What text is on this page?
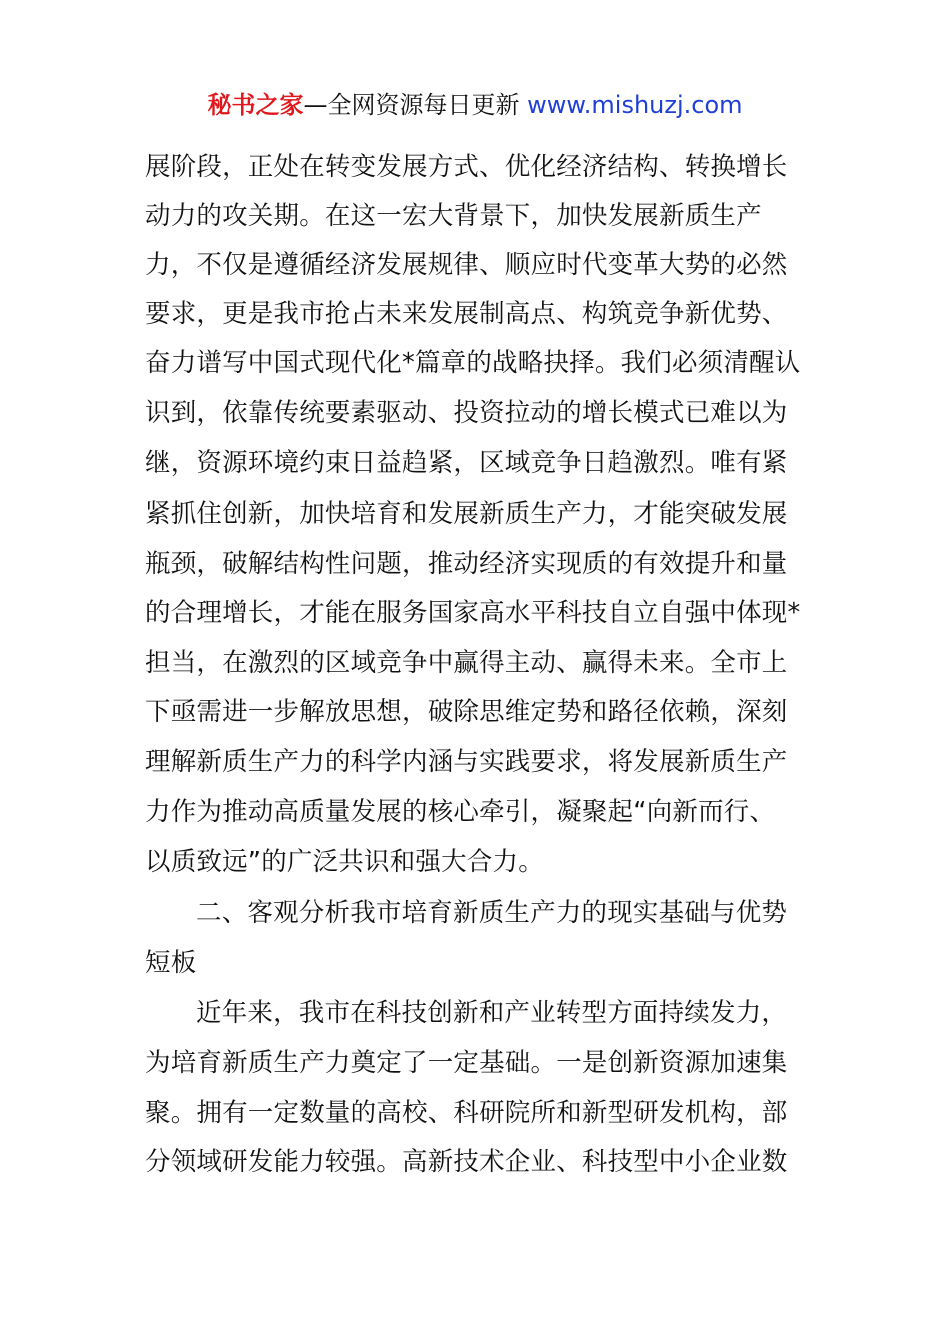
秘书之家—全网资源每日更新 www.mishuzj.com
展阶段，正处在转变发展方式、优化经济结构、转换增长
动力的攻关期。在这一宏大背景下，加快发展新质生产
力，不仅是遵循经济发展规律、顺应时代变革大势的必然
要求，更是我市抢占未来发展制高点、构筑竞争新优势、
奋力谱写中国式现代化*篇章的战略抉择。我们必须清醒认
识到，依靠传统要素驱动、投资拉动的增长模式已难以为
继，资源环境约束日益趋紧，区域竞争日趋激烈。唯有紧
紧抓住创新，加快培育和发展新质生产力，才能突破发展
瓶颈，破解结构性问题，推动经济实现质的有效提升和量
的合理增长，才能在服务国家高水平科技自立自强中体现*
担当，在激烈的区域竞争中赢得主动、赢得未来。全市上
下亟需进一步解放思想，破除思维定势和路径依赖，深刻
理解新质生产力的科学内涵与实践要求，将发展新质生产
力作为推动高质量发展的核心牵引，凝聚起“向新而行、
以质致远”的广泛共识和强大合力。
二、客观分析我市培育新质生产力的现实基础与优势
短板
近年来，我市在科技创新和产业转型方面持续发力，
为培育新质生产力奠定了一定基础。一是创新资源加速集
聚。拥有一定数量的高校、科研院所和新型研发机构，部
分领域研发能力较强。高新技术企业、科技型中小企业数
